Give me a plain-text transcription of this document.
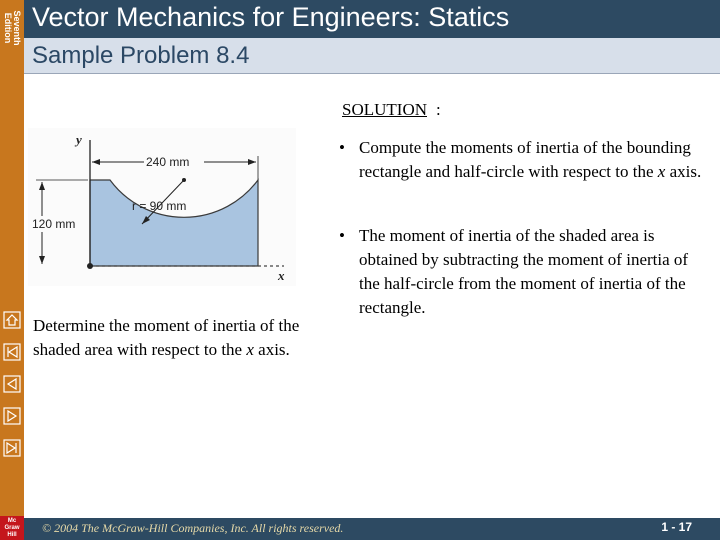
Seventh
Edition
Mc
Graw
Hill
Vector Mechanics for Engineers: Statics
Sample Problem 8.4
y
x
240 mm
120 mm
r = 90 mm
Determine the moment of inertia of the shaded area with respect to the x axis.
SOLUTION :
• Compute the moments of inertia of the bounding rectangle and half-circle with respect to the x axis.
• The moment of inertia of the shaded area is obtained by subtracting the moment of inertia of the half-circle from the moment of inertia of the rectangle.
© 2004 The McGraw-Hill Companies, Inc. All rights reserved.	1 - 17
